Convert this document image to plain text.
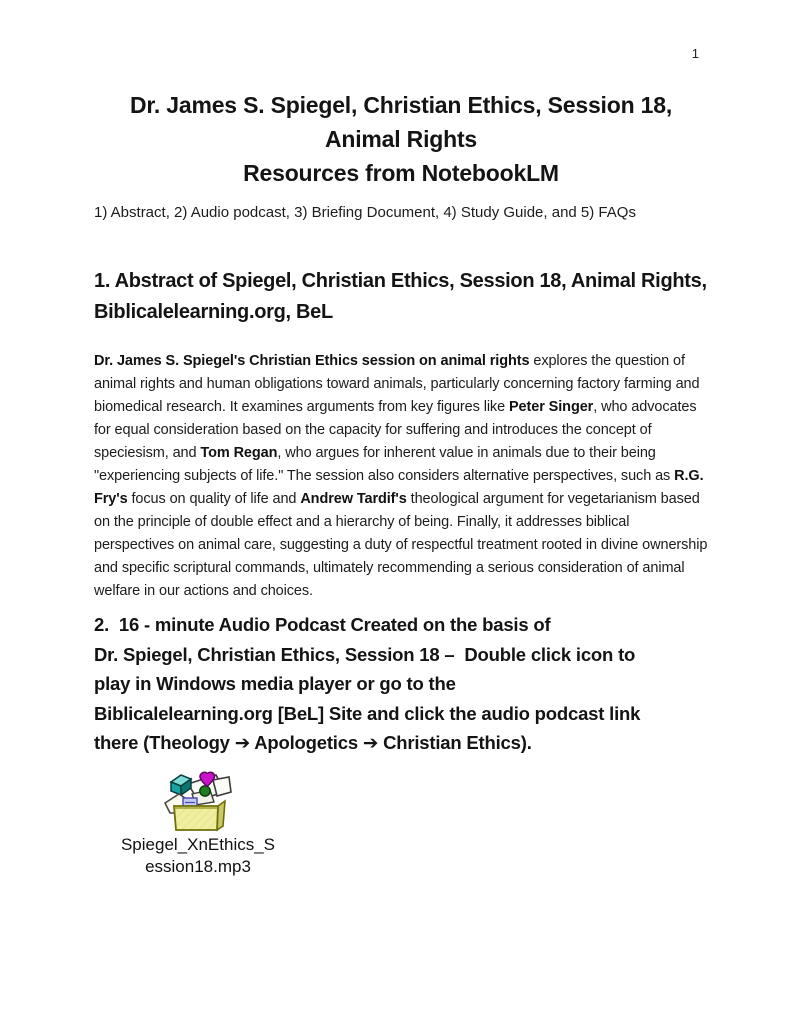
1
Dr. James S. Spiegel, Christian Ethics, Session 18,
Animal Rights
Resources from NotebookLM
1) Abstract, 2) Audio podcast, 3) Briefing Document, 4) Study Guide, and 5) FAQs
1. Abstract of Spiegel, Christian Ethics, Session 18, Animal Rights, Biblicalelearning.org, BeL
Dr. James S. Spiegel's Christian Ethics session on animal rights explores the question of animal rights and human obligations toward animals, particularly concerning factory farming and biomedical research. It examines arguments from key figures like Peter Singer, who advocates for equal consideration based on the capacity for suffering and introduces the concept of speciesism, and Tom Regan, who argues for inherent value in animals due to their being "experiencing subjects of life." The session also considers alternative perspectives, such as R.G. Fry's focus on quality of life and Andrew Tardif's theological argument for vegetarianism based on the principle of double effect and a hierarchy of being. Finally, it addresses biblical perspectives on animal care, suggesting a duty of respectful treatment rooted in divine ownership and specific scriptural commands, ultimately recommending a serious consideration of animal welfare in our actions and choices.
2.  16 - minute Audio Podcast Created on the basis of
Dr. Spiegel, Christian Ethics, Session 18 –  Double click icon to
play in Windows media player or go to the
Biblicalelearning.org [BeL] Site and click the audio podcast link
there (Theology ➔ Apologetics ➔ Christian Ethics).
Spiegel_XnEthics_S
ession18.mp3
